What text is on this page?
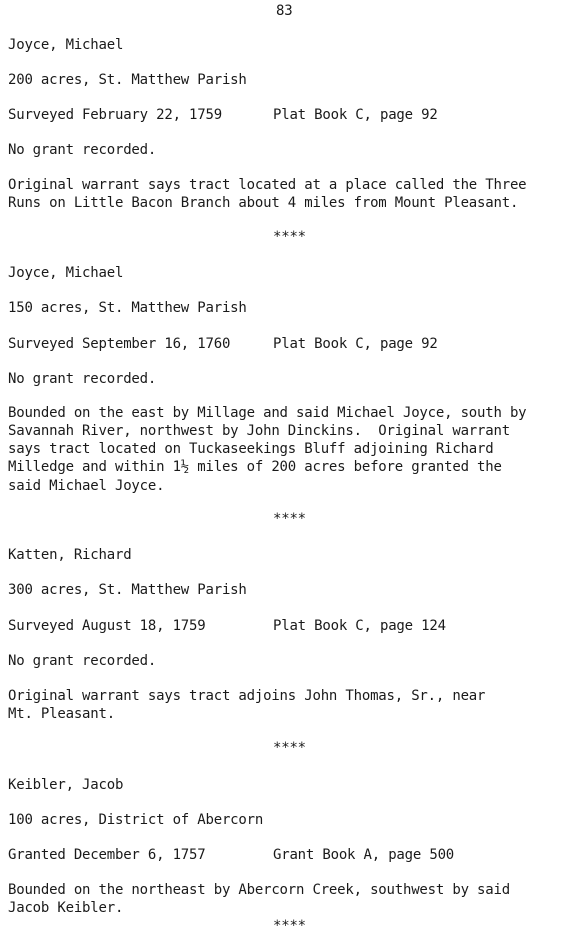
83
Joyce, Michael
200 acres, St. Matthew Parish
Surveyed February 22, 1759	Plat Book C, page 92
No grant recorded.
Original warrant says tract located at a place called the Three
Runs on Little Bacon Branch about 4 miles from Mount Pleasant.
****
Joyce, Michael
150 acres, St. Matthew Parish
Surveyed September 16, 1760	Plat Book C, page 92
No grant recorded.
Bounded on the east by Millage and said Michael Joyce, south by
Savannah River, northwest by John Dinckins.  Original warrant
says tract located on Tuckaseekings Bluff adjoining Richard
Milledge and within 1½ miles of 200 acres before granted the
said Michael Joyce.
****
Katten, Richard
300 acres, St. Matthew Parish
Surveyed August 18, 1759	Plat Book C, page 124
No grant recorded.
Original warrant says tract adjoins John Thomas, Sr., near
Mt. Pleasant.
****
Keibler, Jacob
100 acres, District of Abercorn
Granted December 6, 1757	Grant Book A, page 500
Bounded on the northeast by Abercorn Creek, southwest by said
Jacob Keibler.
****
